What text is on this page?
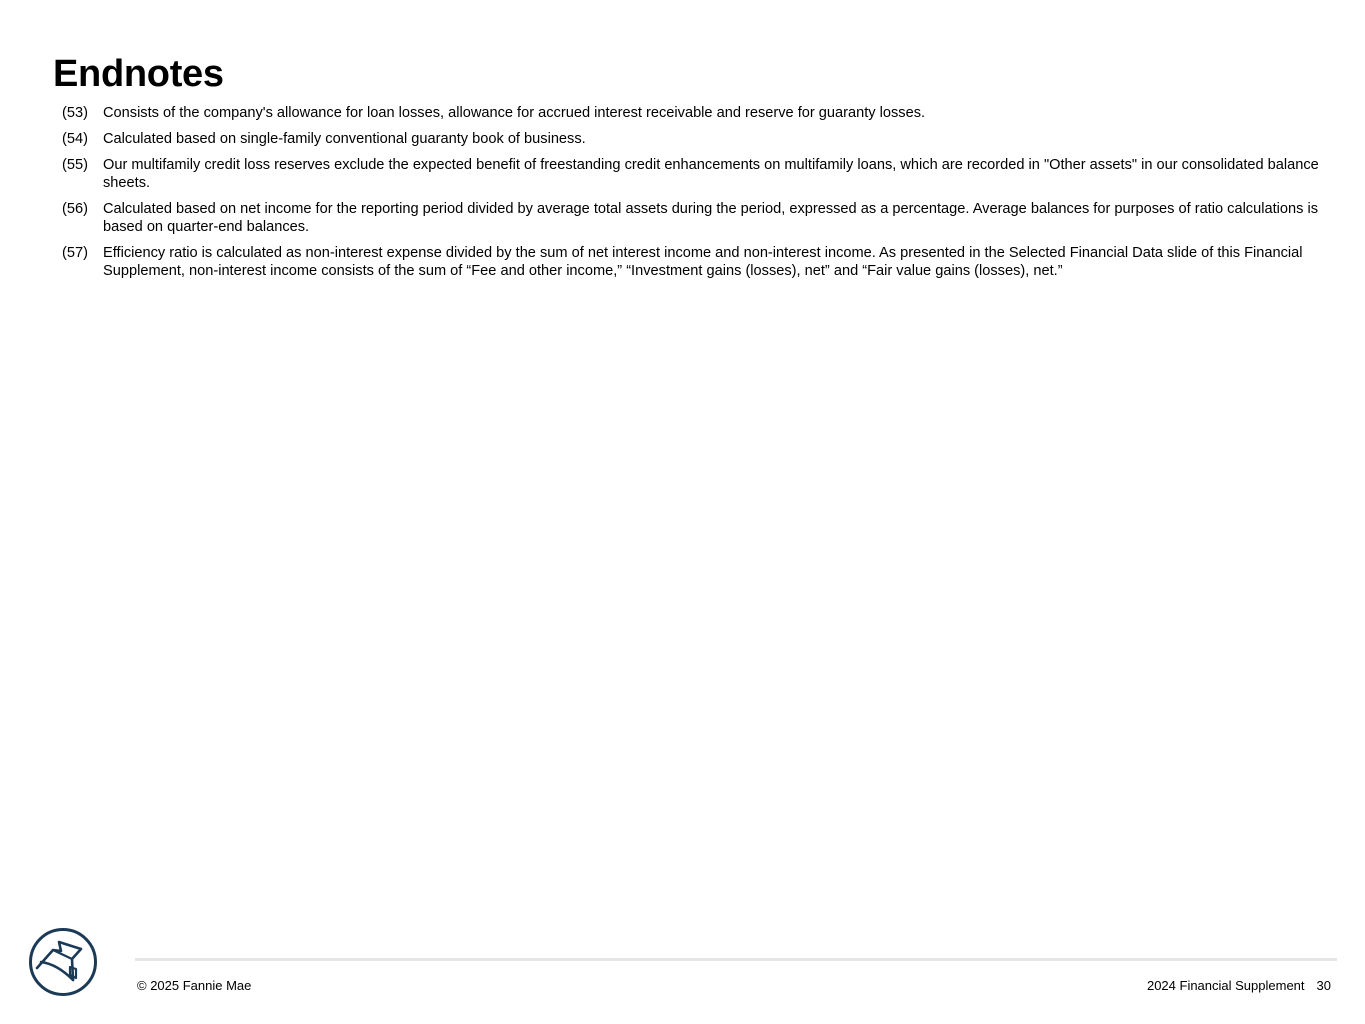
Endnotes
(53)	Consists of the company's allowance for loan losses, allowance for accrued interest receivable and reserve for guaranty losses.
(54)	Calculated based on single-family conventional guaranty book of business.
(55)	Our multifamily credit loss reserves exclude the expected benefit of freestanding credit enhancements on multifamily loans, which are recorded in "Other assets" in our consolidated balance sheets.
(56)	Calculated based on net income for the reporting period divided by average total assets during the period, expressed as a percentage. Average balances for purposes of ratio calculations is based on quarter-end balances.
(57)	Efficiency ratio is calculated as non-interest expense divided by the sum of net interest income and non-interest income. As presented in the Selected Financial Data slide of this Financial Supplement, non-interest income consists of the sum of “Fee and other income,” “Investment gains (losses), net” and “Fair value gains (losses), net.”
© 2025 Fannie Mae	2024 Financial Supplement 30
